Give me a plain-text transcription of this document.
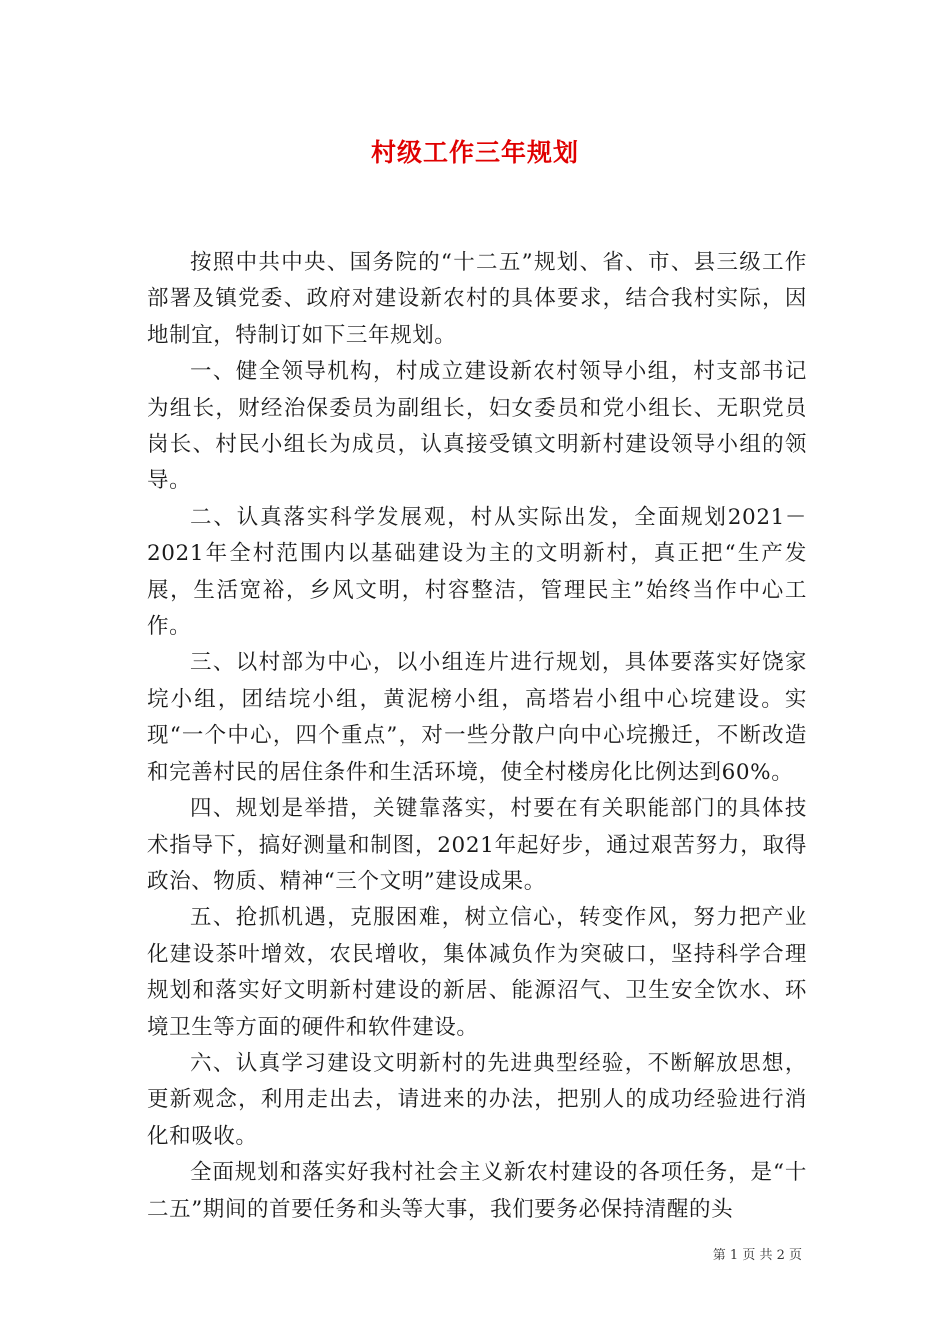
村级工作三年规划

按照中共中央、国务院的“十二五”规划、省、市、县三级工作部署及镇党委、政府对建设新农村的具体要求，结合我村实际，因地制宜，特制订如下三年规划。

一、健全领导机构，村成立建设新农村领导小组，村支部书记为组长，财经治保委员为副组长，妇女委员和党小组长、无职党员岗长、村民小组长为成员，认真接受镇文明新村建设领导小组的领导。

二、认真落实科学发展观，村从实际出发，全面规划2021－2021年全村范围内以基础建设为主的文明新村，真正把“生产发展，生活宽裕，乡风文明，村容整洁，管理民主”始终当作中心工作。

三、以村部为中心，以小组连片进行规划，具体要落实好饶家垸小组，团结垸小组，黄泥榜小组，高塔岩小组中心垸建设。实现“一个中心，四个重点”，对一些分散户向中心垸搬迁，不断改造和完善村民的居住条件和生活环境，使全村楼房化比例达到60%。

四、规划是举措，关键靠落实，村要在有关职能部门的具体技术指导下，搞好测量和制图，2021年起好步，通过艰苦努力，取得政治、物质、精神“三个文明”建设成果。

五、抢抓机遇，克服困难，树立信心，转变作风，努力把产业化建设茶叶增效，农民增收，集体减负作为突破口，坚持科学合理规划和落实好文明新村建设的新居、能源沼气、卫生安全饮水、环境卫生等方面的硬件和软件建设。

六、认真学习建设文明新村的先进典型经验，不断解放思想，更新观念，利用走出去，请进来的办法，把别人的成功经验进行消化和吸收。

全面规划和落实好我村社会主义新农村建设的各项任务，是“十二五”期间的首要任务和头等大事，我们要务必保持清醒的头

第 1 页 共 2 页
